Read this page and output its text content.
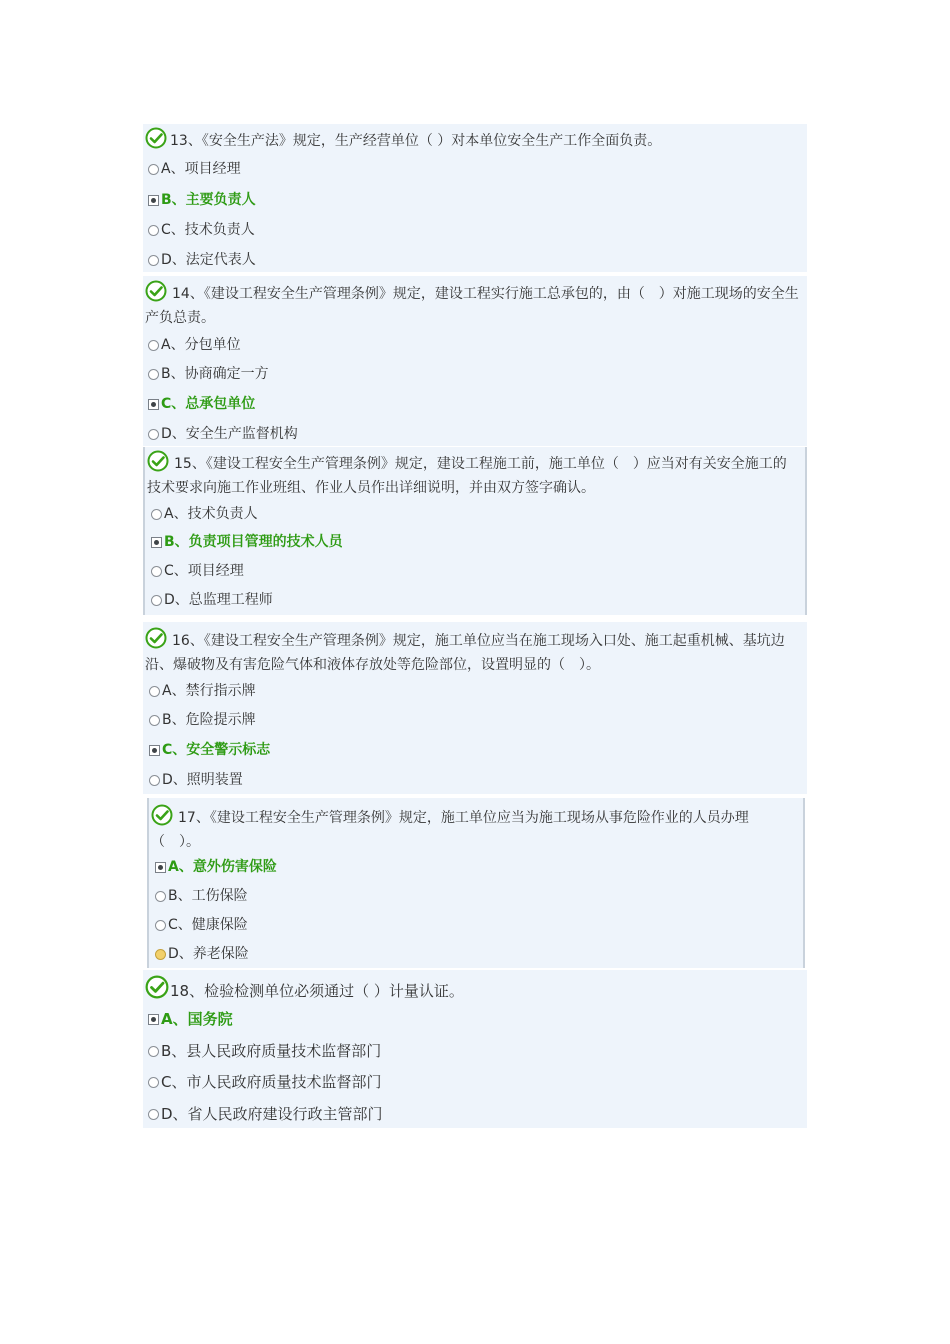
13、《安全生产法》规定，生产经营单位（ ）对本单位安全生产工作全面负责。
A、项目经理
B、主要负责人
C、技术负责人
D、法定代表人
14、《建设工程安全生产管理条例》规定，建设工程实行施工总承包的，由（　）对施工现场的安全生产负总责。
A、分包单位
B、协商确定一方
C、总承包单位
D、安全生产监督机构
15、《建设工程安全生产管理条例》规定，建设工程施工前，施工单位（　）应当对有关安全施工的技术要求向施工作业班组、作业人员作出详细说明，并由双方签字确认。
A、技术负责人
B、负责项目管理的技术人员
C、项目经理
D、总监理工程师
16、《建设工程安全生产管理条例》规定，施工单位应当在施工现场入口处、施工起重机械、基坑边沿、爆破物及有害危险气体和液体存放处等危险部位，设置明显的（　）。
A、禁行指示牌
B、危险提示牌
C、安全警示标志
D、照明装置
17、《建设工程安全生产管理条例》规定，施工单位应当为施工现场从事危险作业的人员办理（　）。
A、意外伤害保险
B、工伤保险
C、健康保险
D、养老保险
18、检验检测单位必须通过（ ）计量认证。
A、国务院
B、县人民政府质量技术监督部门
C、市人民政府质量技术监督部门
D、省人民政府建设行政主管部门
